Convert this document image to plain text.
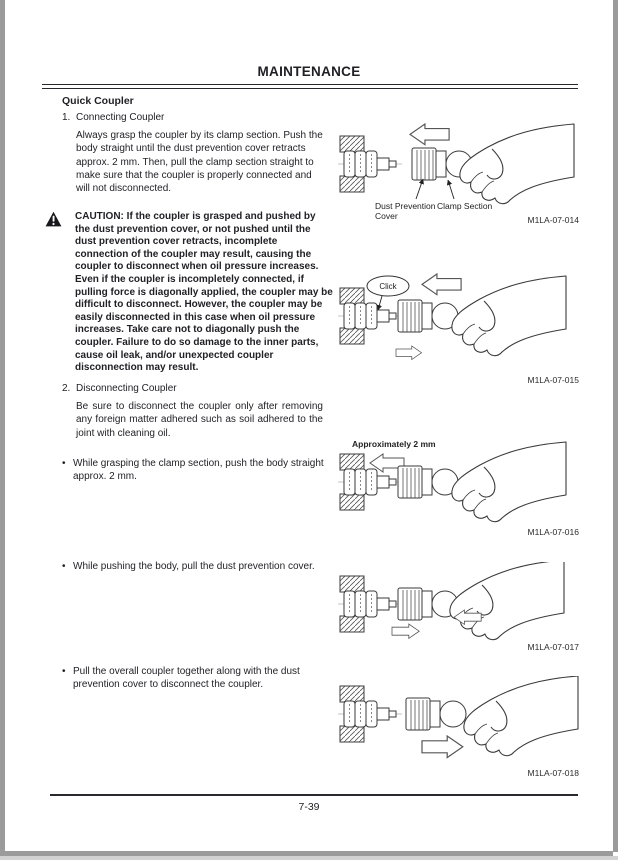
MAINTENANCE
Quick Coupler
1. Connecting Coupler
Always grasp the coupler by its clamp section. Push the body straight until the dust prevention cover retracts approx. 2 mm. Then, pull the clamp section straight to make sure that the coupler is properly connected and will not disconnected.
CAUTION: If the coupler is grasped and pushed by the dust prevention cover, or not pushed until the dust prevention cover retracts, incomplete connection of the coupler may result, causing the coupler to disconnect when oil pressure increases. Even if the coupler is incompletely connected, if pulling force is diagonally applied, the coupler may be difficult to disconnect. However, the coupler may be easily disconnected in this case when oil pressure increases. Take care not to diagonally push the coupler. Failure to do so damage to the inner parts, cause oil leak, and/or unexpected coupler disconnection may result.
2. Disconnecting Coupler
Be sure to disconnect the coupler only after removing any foreign matter adhered such as soil adhered to the joint with cleaning oil.
• While grasping the clamp section, push the body straight approx. 2 mm.
• While pushing the body, pull the dust prevention cover.
• Pull the overall coupler together along with the dust prevention cover to disconnect the coupler.
Dust Prevention
Cover
Clamp Section
M1LA-07-014
Click
M1LA-07-015
Approximately 2 mm
M1LA-07-016
M1LA-07-017
M1LA-07-018
7-39
